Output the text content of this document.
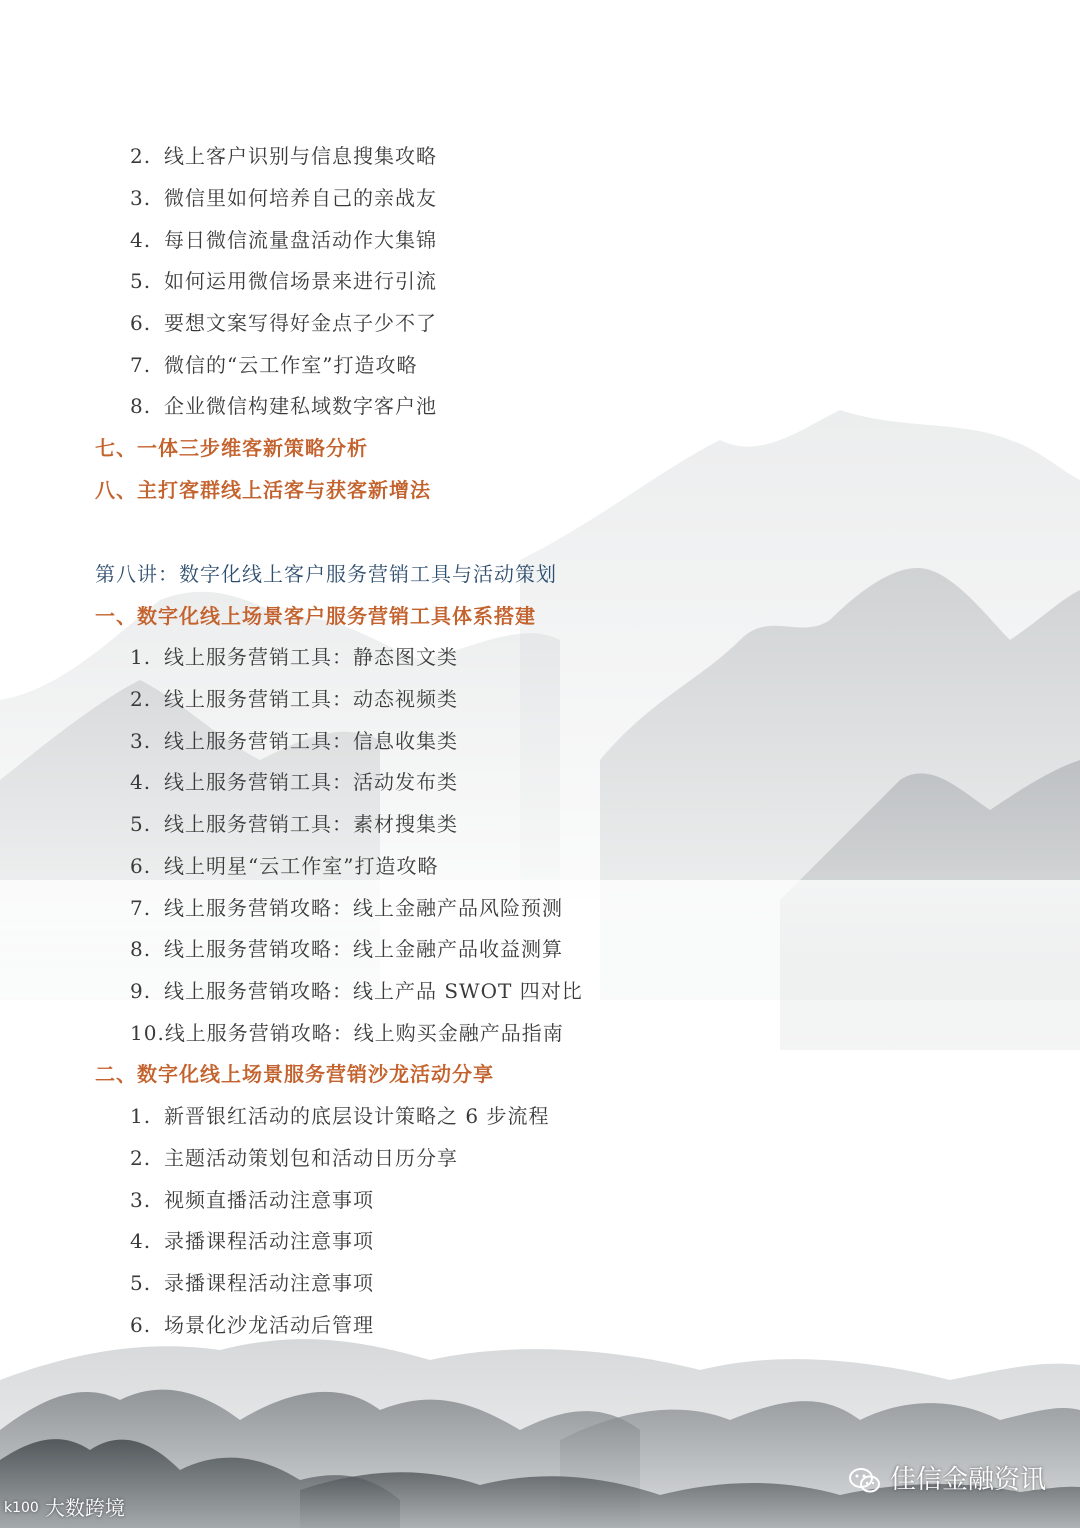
2. 线上客户识别与信息搜集攻略
3. 微信里如何培养自己的亲战友
4. 每日微信流量盘活动作大集锦
5. 如何运用微信场景来进行引流
6. 要想文案写得好金点子少不了
7. 微信的“云工作室”打造攻略
8. 企业微信构建私域数字客户池
七、一体三步维客新策略分析
八、主打客群线上活客与获客新增法
第八讲：数字化线上客户服务营销工具与活动策划
一、数字化线上场景客户服务营销工具体系搭建
1. 线上服务营销工具：静态图文类
2. 线上服务营销工具：动态视频类
3. 线上服务营销工具：信息收集类
4. 线上服务营销工具：活动发布类
5. 线上服务营销工具：素材搜集类
6. 线上明星“云工作室”打造攻略
7. 线上服务营销攻略：线上金融产品风险预测
8. 线上服务营销攻略：线上金融产品收益测算
9. 线上服务营销攻略：线上产品 SWOT 四对比
10.线上服务营销攻略：线上购买金融产品指南
二、数字化线上场景服务营销沙龙活动分享
1. 新晋银红活动的底层设计策略之 6 步流程
2. 主题活动策划包和活动日历分享
3. 视频直播活动注意事项
4. 录播课程活动注意事项
5. 录播课程活动注意事项
6. 场景化沙龙活动后管理
k100 大数跨境
佳信金融资讯
